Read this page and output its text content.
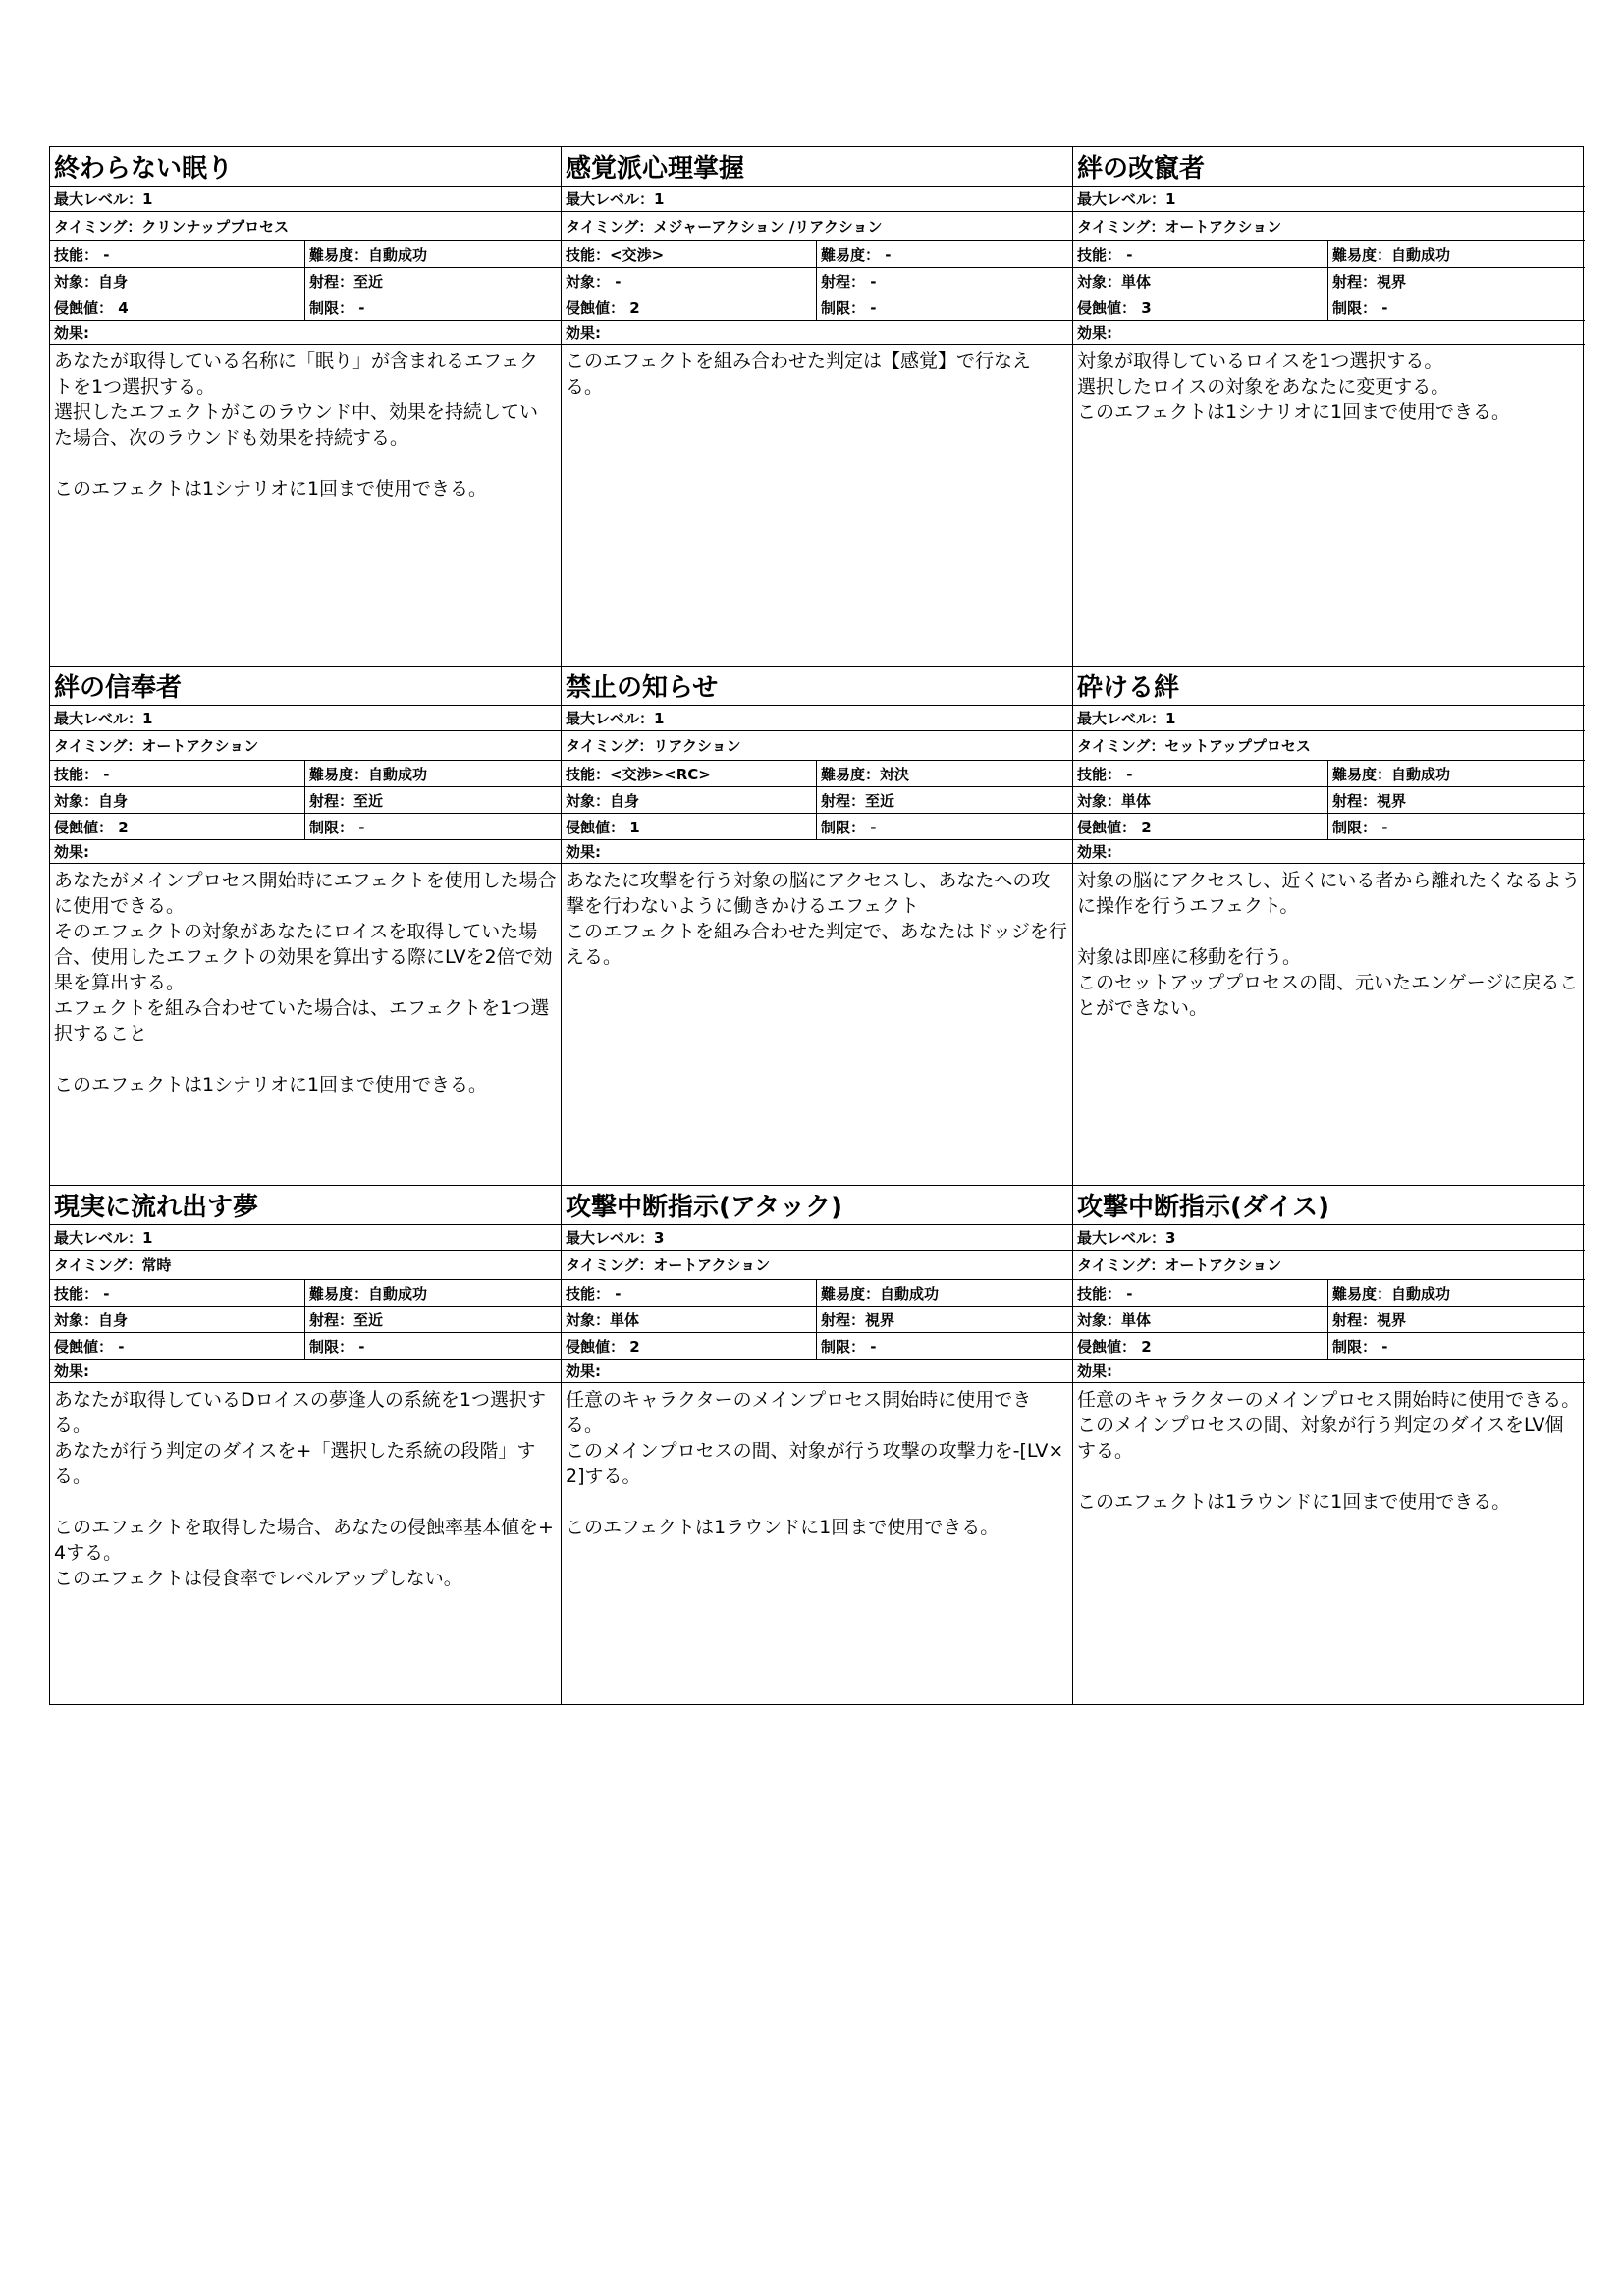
終わらない眠り
最大レベル：1
タイミング：クリンナッププロセス
技能： -	難易度：自動成功
対象：自身	射程：至近
侵蝕値： 4	制限： -
効果:
あなたが取得している名称に「眠り」が含まれるエフェクトを1つ選択する。
選択したエフェクトがこのラウンド中、効果を持続していた場合、次のラウンドも効果を持続する。

このエフェクトは1シナリオに1回まで使用できる。
感覚派心理掌握
最大レベル：1
タイミング：メジャーアクション /リアクション
技能：<交渉>	難易度： -
対象： -	射程： -
侵蝕値： 2	制限： -
効果:
このエフェクトを組み合わせた判定は【感覚】で行なえる。
絆の改竄者
最大レベル：1
タイミング：オートアクション
技能： -	難易度：自動成功
対象：単体	射程：視界
侵蝕値： 3	制限： -
効果:
対象が取得しているロイスを1つ選択する。
選択したロイスの対象をあなたに変更する。
このエフェクトは1シナリオに1回まで使用できる。
絆の信奉者
最大レベル：1
タイミング：オートアクション
技能： -	難易度：自動成功
対象：自身	射程：至近
侵蝕値： 2	制限： -
効果:
あなたがメインプロセス開始時にエフェクトを使用した場合に使用できる。
そのエフェクトの対象があなたにロイスを取得していた場合、使用したエフェクトの効果を算出する際にLVを2倍で効果を算出する。
エフェクトを組み合わせていた場合は、エフェクトを1つ選択すること

このエフェクトは1シナリオに1回まで使用できる。
禁止の知らせ
最大レベル：1
タイミング：リアクション
技能：<交渉><RC>	難易度：対決
対象：自身	射程：至近
侵蝕値： 1	制限： -
効果:
あなたに攻撃を行う対象の脳にアクセスし、あなたへの攻撃を行わないように働きかけるエフェクト
このエフェクトを組み合わせた判定で、あなたはドッジを行える。
砕ける絆
最大レベル：1
タイミング：セットアッププロセス
技能： -	難易度：自動成功
対象：単体	射程：視界
侵蝕値： 2	制限： -
効果:
対象の脳にアクセスし、近くにいる者から離れたくなるように操作を行うエフェクト。

対象は即座に移動を行う。
このセットアッププロセスの間、元いたエンゲージに戻ることができない。
現実に流れ出す夢
最大レベル：1
タイミング：常時
技能： -	難易度：自動成功
対象：自身	射程：至近
侵蝕値： -	制限： -
効果:
あなたが取得しているDロイスの夢逢人の系統を1つ選択する。
あなたが行う判定のダイスを+「選択した系統の段階」する。

このエフェクトを取得した場合、あなたの侵蝕率基本値を+4する。
このエフェクトは侵食率でレベルアップしない。
攻撃中断指示(アタック)
最大レベル：3
タイミング：オートアクション
技能： -	難易度：自動成功
対象：単体	射程：視界
侵蝕値： 2	制限： -
効果:
任意のキャラクターのメインプロセス開始時に使用できる。
このメインプロセスの間、対象が行う攻撃の攻撃力を-[LV×2]する。

このエフェクトは1ラウンドに1回まで使用できる。
攻撃中断指示(ダイス)
最大レベル：3
タイミング：オートアクション
技能： -	難易度：自動成功
対象：単体	射程：視界
侵蝕値： 2	制限： -
効果:
任意のキャラクターのメインプロセス開始時に使用できる。
このメインプロセスの間、対象が行う判定のダイスをLV個する。

このエフェクトは1ラウンドに1回まで使用できる。
